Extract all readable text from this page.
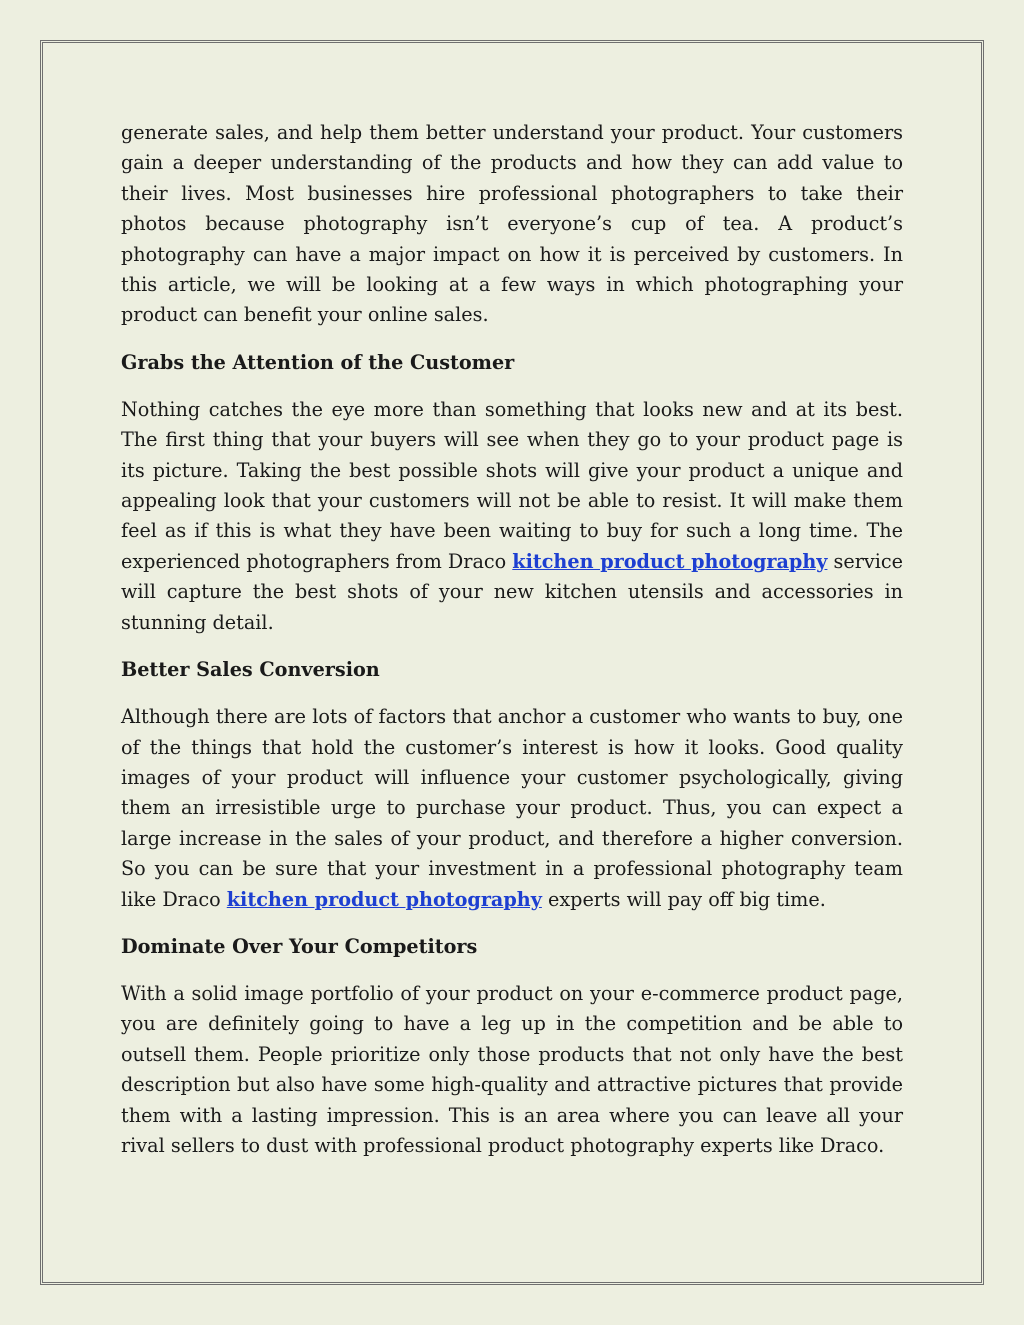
generate sales, and help them better understand your product. Your customers gain a deeper understanding of the products and how they can add value to their lives. Most businesses hire professional photographers to take their photos because photography isn’t everyone’s cup of tea. A product’s photography can have a major impact on how it is perceived by customers. In this article, we will be looking at a few ways in which photographing your product can benefit your online sales.

Grabs the Attention of the Customer

Nothing catches the eye more than something that looks new and at its best. The first thing that your buyers will see when they go to your product page is its picture. Taking the best possible shots will give your product a unique and appealing look that your customers will not be able to resist. It will make them feel as if this is what they have been waiting to buy for such a long time. The experienced photographers from Draco kitchen product photography service will capture the best shots of your new kitchen utensils and accessories in stunning detail.

Better Sales Conversion

Although there are lots of factors that anchor a customer who wants to buy, one of the things that hold the customer’s interest is how it looks. Good quality images of your product will influence your customer psychologically, giving them an irresistible urge to purchase your product. Thus, you can expect a large increase in the sales of your product, and therefore a higher conversion. So you can be sure that your investment in a professional photography team like Draco kitchen product photography experts will pay off big time.

Dominate Over Your Competitors

With a solid image portfolio of your product on your e-commerce product page, you are definitely going to have a leg up in the competition and be able to outsell them. People prioritize only those products that not only have the best description but also have some high-quality and attractive pictures that provide them with a lasting impression. This is an area where you can leave all your rival sellers to dust with professional product photography experts like Draco.
